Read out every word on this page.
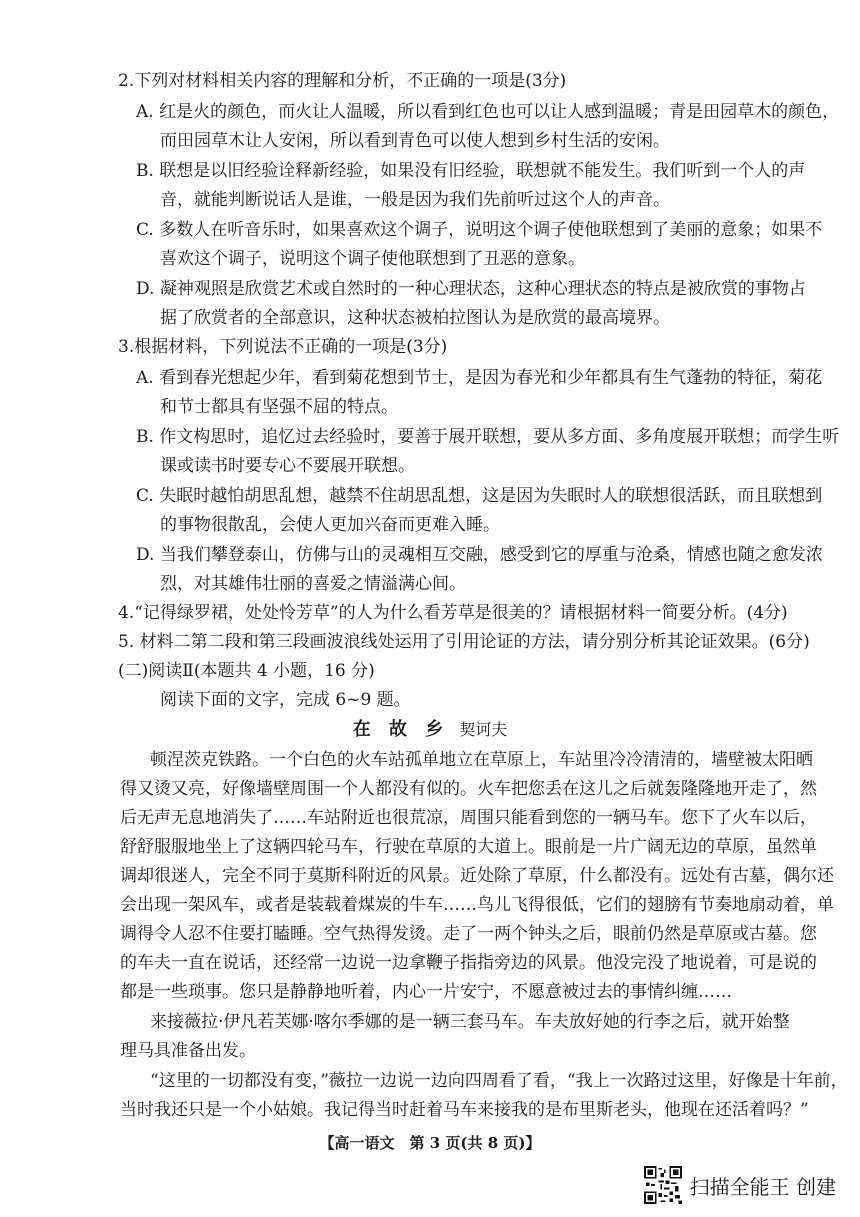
2.下列对材料相关内容的理解和分析，不正确的一项是(3分)
A. 红是火的颜色，而火让人温暖，所以看到红色也可以让人感到温暖；青是田园草木的颜色，
而田园草木让人安闲，所以看到青色可以使人想到乡村生活的安闲。
B. 联想是以旧经验诠释新经验，如果没有旧经验，联想就不能发生。我们听到一个人的声
音，就能判断说话人是谁，一般是因为我们先前听过这个人的声音。
C. 多数人在听音乐时，如果喜欢这个调子，说明这个调子使他联想到了美丽的意象；如果不
喜欢这个调子，说明这个调子使他联想到了丑恶的意象。
D. 凝神观照是欣赏艺术或自然时的一种心理状态，这种心理状态的特点是被欣赏的事物占
据了欣赏者的全部意识，这种状态被柏拉图认为是欣赏的最高境界。
3.根据材料，下列说法不正确的一项是(3分)
A. 看到春光想起少年，看到菊花想到节士，是因为春光和少年都具有生气蓬勃的特征，菊花
和节士都具有坚强不屈的特点。
B. 作文构思时，追忆过去经验时，要善于展开联想，要从多方面、多角度展开联想；而学生听
课或读书时要专心不要展开联想。
C. 失眠时越怕胡思乱想，越禁不住胡思乱想，这是因为失眠时人的联想很活跃，而且联想到
的事物很散乱，会使人更加兴奋而更难入睡。
D. 当我们攀登泰山，仿佛与山的灵魂相互交融，感受到它的厚重与沧桑，情感也随之愈发浓
烈，对其雄伟壮丽的喜爱之情溢满心间。
4.“记得绿罗裙，处处怜芳草”的人为什么看芳草是很美的？请根据材料一简要分析。(4分)
5. 材料二第二段和第三段画波浪线处运用了引用论证的方法，请分别分析其论证效果。(6分)
(二)阅读Ⅱ(本题共 4 小题，16 分)
阅读下面的文字，完成 6~9 题。
在 故 乡 契诃夫
顿涅茨克铁路。一个白色的火车站孤单地立在草原上，车站里冷冷清清的，墙壁被太阳晒
得又烫又亮，好像墙壁周围一个人都没有似的。火车把您丢在这儿之后就轰隆隆地开走了，然
后无声无息地消失了……车站附近也很荒凉，周围只能看到您的一辆马车。您下了火车以后，
舒舒服服地坐上了这辆四轮马车，行驶在草原的大道上。眼前是一片广阔无边的草原，虽然单
调却很迷人，完全不同于莫斯科附近的风景。近处除了草原，什么都没有。远处有古墓，偶尔还
会出现一架风车，或者是装载着煤炭的牛车……鸟儿飞得很低，它们的翅膀有节奏地扇动着，单
调得令人忍不住要打瞌睡。空气热得发烫。走了一两个钟头之后，眼前仍然是草原或古墓。您
的车夫一直在说话，还经常一边说一边拿鞭子指指旁边的风景。他没完没了地说着，可是说的
都是一些琐事。您只是静静地听着，内心一片安宁，不愿意被过去的事情纠缠……
来接薇拉·伊凡若芙娜·喀尔季娜的是一辆三套马车。车夫放好她的行李之后，就开始整
理马具准备出发。
“这里的一切都没有变，”薇拉一边说一边向四周看了看，“我上一次路过这里，好像是十年前，
当时我还只是一个小姑娘。我记得当时赶着马车来接我的是布里斯老头，他现在还活着吗？”
【高一语文　第 3 页(共 8 页)】
扫描全能王 创建
